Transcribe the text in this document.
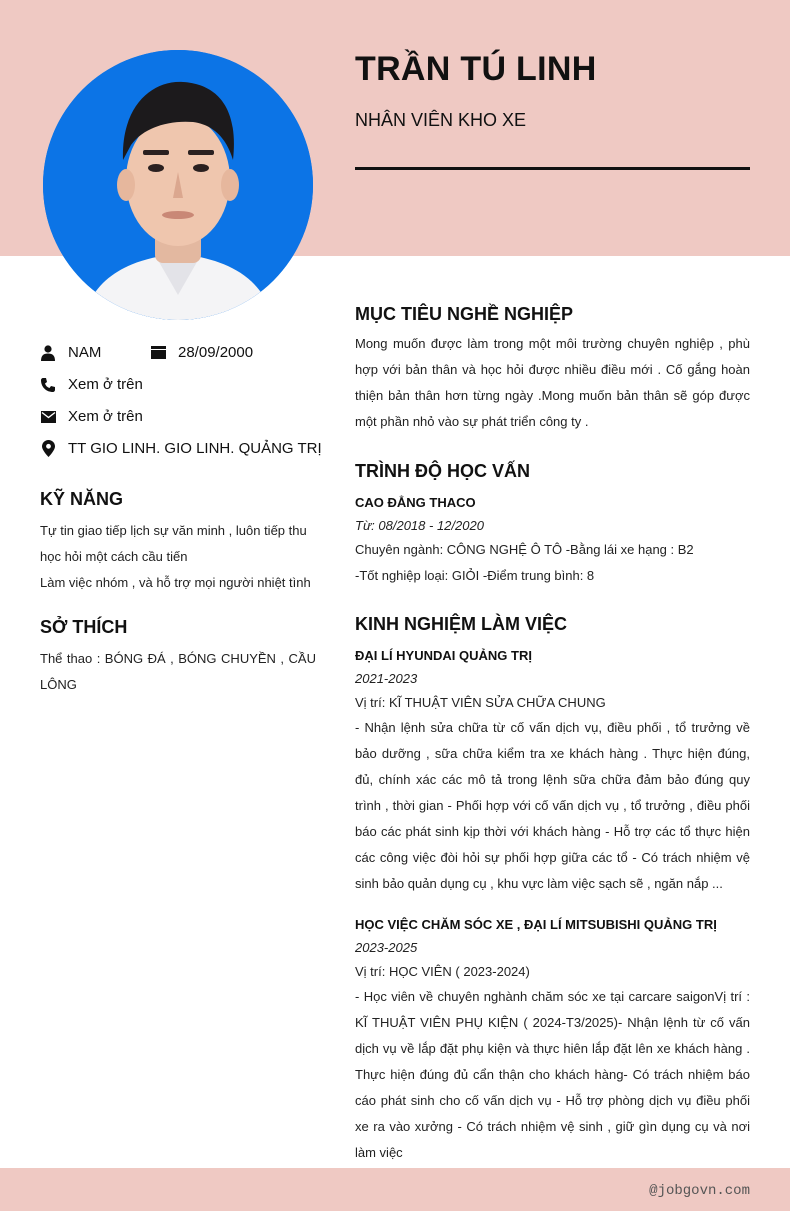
TRẦN TÚ LINH
NHÂN VIÊN KHO XE
NAM	28/09/2000
Xem ở trên
Xem ở trên
TT GIO LINH. GIO LINH. QUẢNG TRỊ
KỸ NĂNG
Tự tin giao tiếp lịch sự văn minh , luôn tiếp thu học hỏi một cách cầu tiến
Làm việc nhóm , và hỗ trợ mọi người nhiệt tình
SỞ THÍCH
Thể thao : BÓNG ĐÁ , BÓNG CHUYỀN , CẦU LÔNG
MỤC TIÊU NGHỀ NGHIỆP
Mong muốn được làm trong một môi trường chuyên nghiệp , phù hợp với bản thân và học hỏi được nhiều điều mới . Cố gắng hoàn thiện bản thân hơn từng ngày .Mong muốn bản thân sẽ góp được một phần nhỏ vào sự phát triển công ty .
TRÌNH ĐỘ HỌC VẤN
CAO ĐẲNG THACO
Từ: 08/2018 - 12/2020
Chuyên ngành: CÔNG NGHỆ Ô TÔ -Bằng lái xe hạng : B2
-Tốt nghiệp loại: GIỎI -Điểm trung bình: 8
KINH NGHIỆM LÀM VIỆC
ĐẠI LÍ HYUNDAI QUẢNG TRỊ
2021-2023
Vị trí: KĨ THUẬT VIÊN SỬA CHỮA CHUNG
- Nhận lệnh sửa chữa từ cố vấn dịch vụ, điều phối , tổ trưởng về bảo dưỡng , sữa chữa kiểm tra xe khách hàng . Thực hiện đúng, đủ, chính xác các mô tả trong lệnh sữa chữa đảm bảo đúng quy trình , thời gian - Phối hợp với cố vấn dịch vụ , tổ trưởng , điều phối báo các phát sinh kịp thời với khách hàng - Hỗ trợ các tổ thực hiện các công việc đòi hỏi sự phối hợp giữa các tổ - Có trách nhiệm vệ sinh bảo quản dụng cụ , khu vực làm việc sạch sẽ , ngăn nắp ...
HỌC VIỆC CHĂM SÓC XE , ĐẠI LÍ MITSUBISHI QUẢNG TRỊ
2023-2025
Vị trí: HỌC VIÊN ( 2023-2024)
- Học viên về chuyên nghành chăm sóc xe tại carcare saigonVị trí : KĨ THUẬT VIÊN PHỤ KIỆN ( 2024-T3/2025)- Nhận lệnh từ cố vấn dịch vụ về lắp đặt phụ kiện và thực hiên lắp đặt lên xe khách hàng . Thực hiện đúng đủ cẩn thận cho khách hàng- Có trách nhiệm báo cáo phát sinh cho cố vấn dịch vụ - Hỗ trợ phòng dịch vụ điều phối xe ra vào xưởng - Có trách nhiệm vệ sinh , giữ gìn dụng cụ và nơi làm việc
@jobgovn.com
